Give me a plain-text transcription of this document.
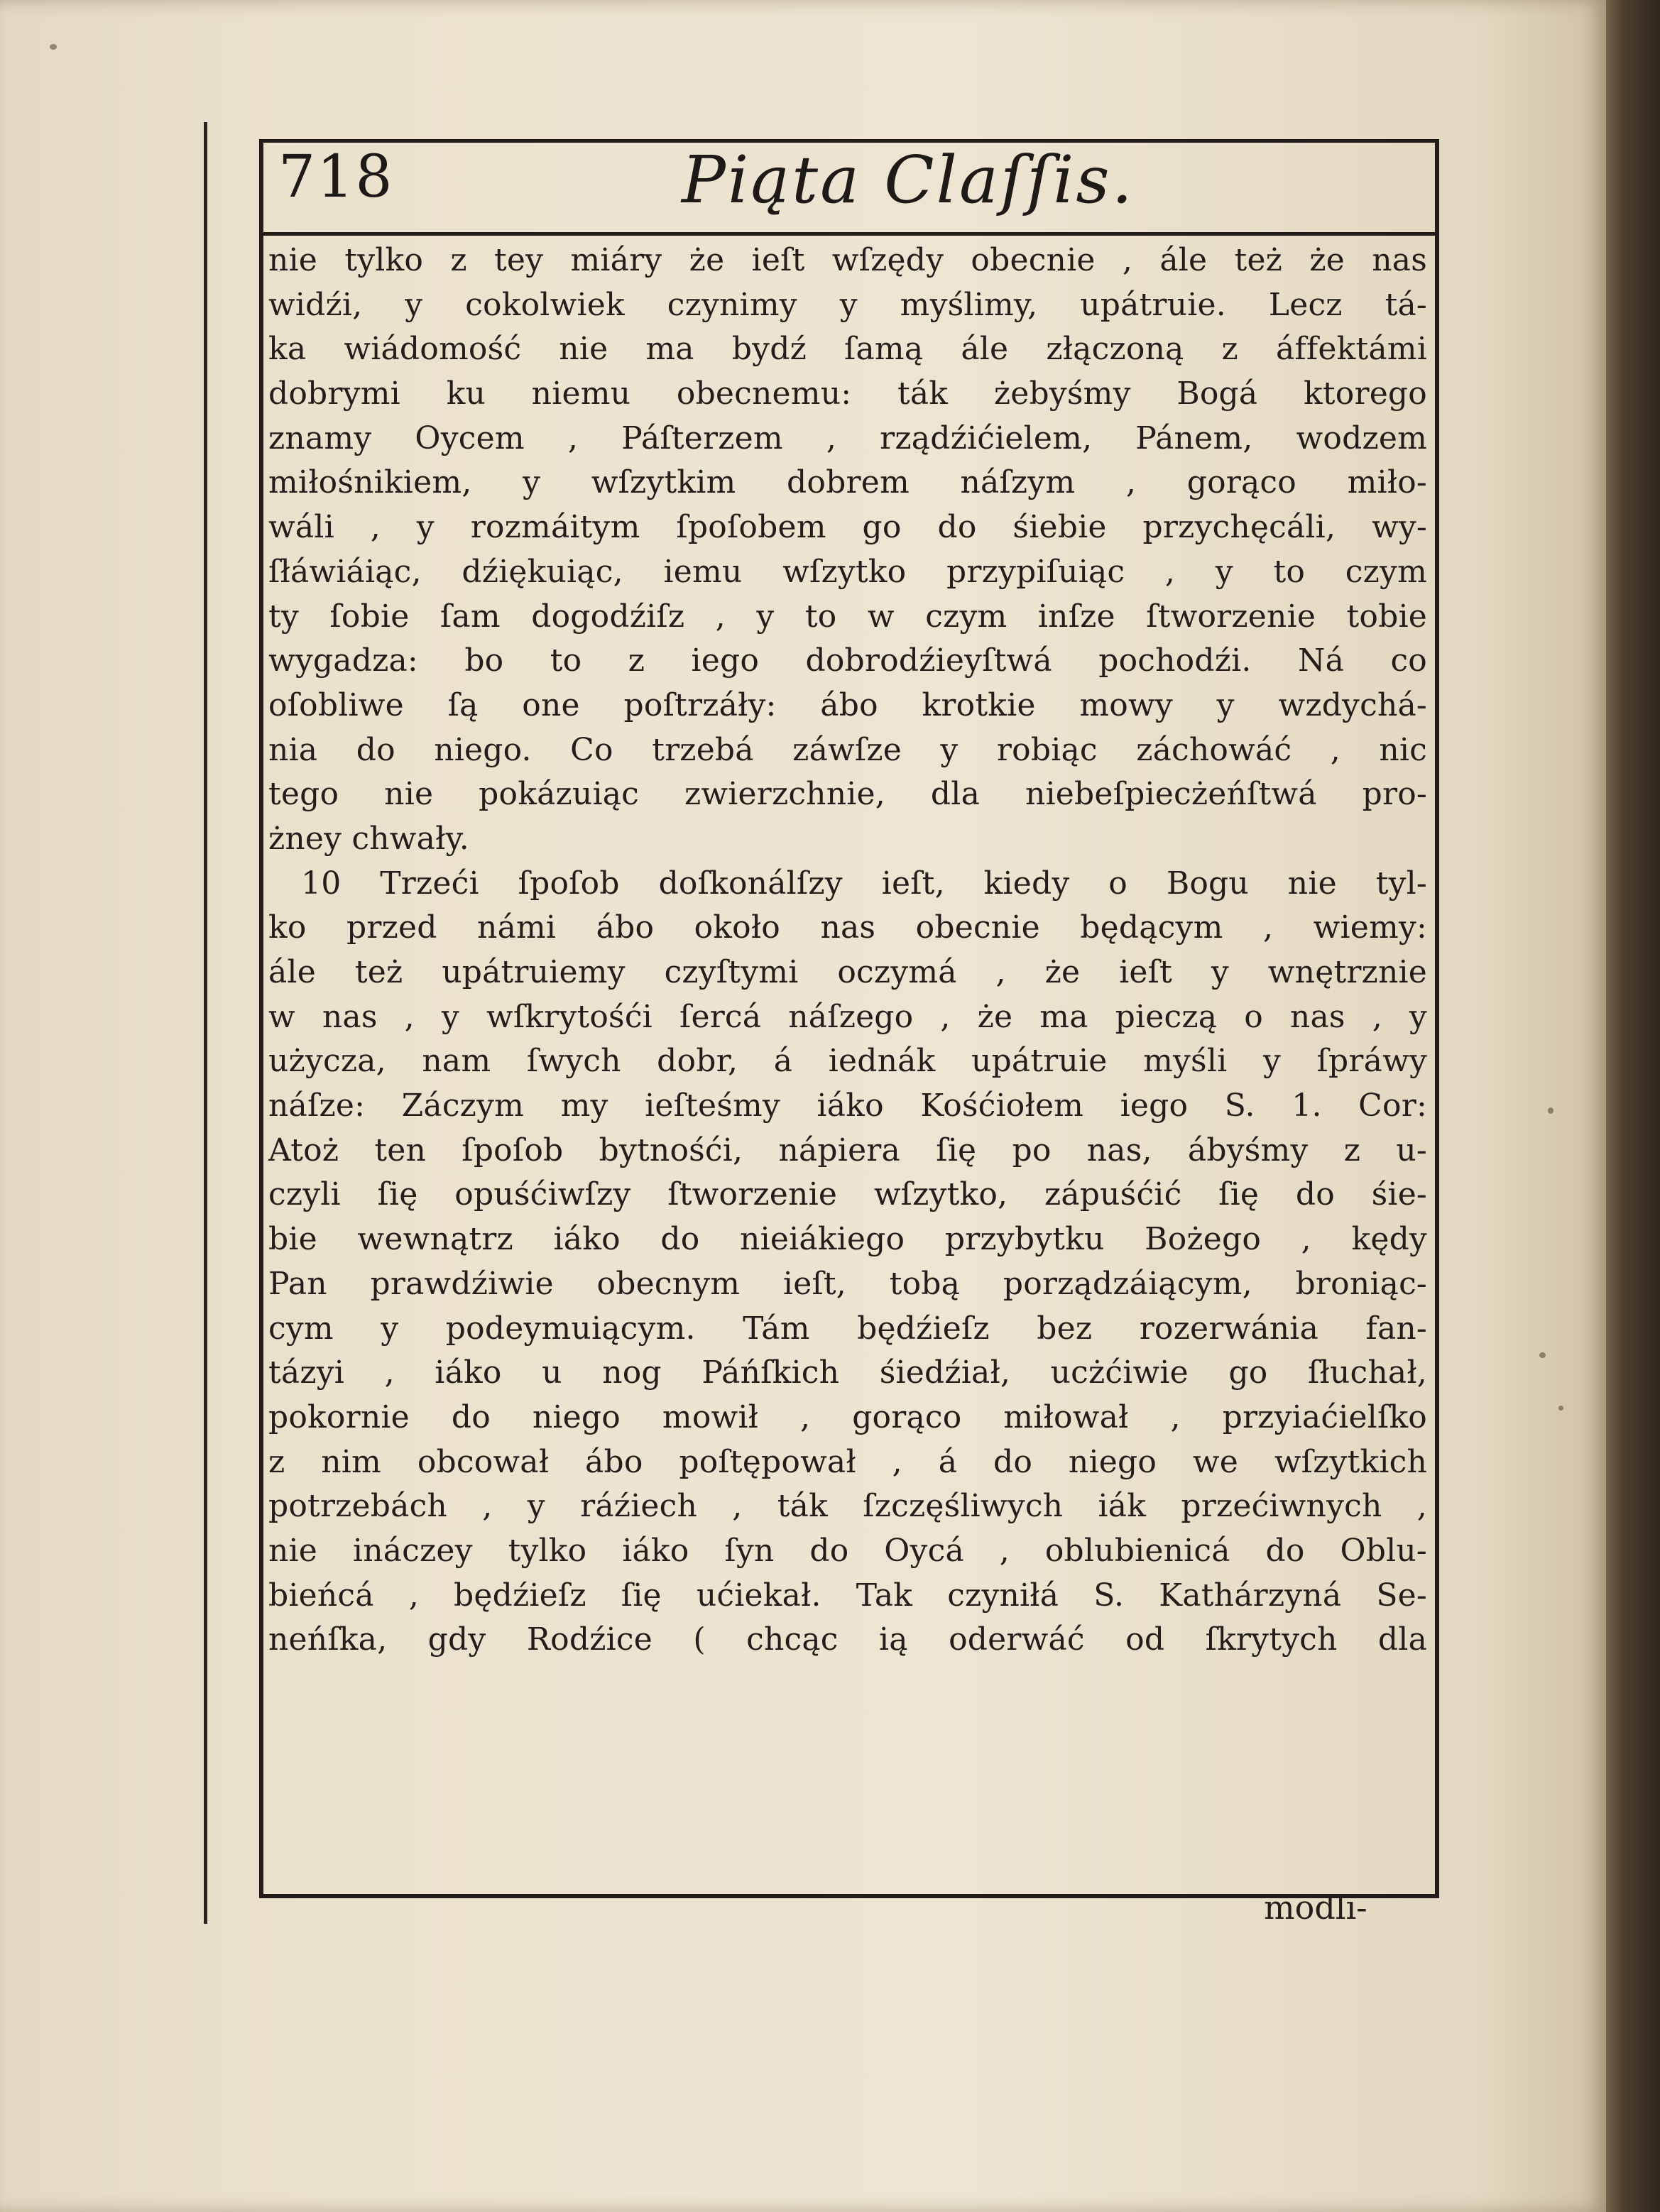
718	Piąta Claſſis.
nie tylko z tey miáry że ieſt wſzędy obecnie , ále też że nas
widźi, y cokolwiek czynimy y myślimy, upátruie. Lecz tá-
ka wiádomość nie ma bydź ſamą ále złączoną z áffektámi
dobrymi ku niemu obecnemu: ták żebyśmy Bogá ktorego
znamy Oycem , Páſterzem , rządźićielem, Pánem, wodzem
miłośnikiem, y wſzytkim dobrem náſzym , gorąco miło-
wáli , y rozmáitym ſpoſobem go do śiebie przychęcáli, wy-
ſłáwiáiąc, dźiękuiąc, iemu wſzytko przypiſuiąc , y to czym
ty ſobie ſam dogodźiſz , y to w czym inſze ſtworzenie tobie
wygadza: bo to z iego dobrodźieyſtwá pochodźi. Ná co
oſobliwe ſą one poſtrzáły: ábo krotkie mowy y wzdychá-
nia do niego. Co trzebá záwſze y robiąc záchowáć , nic
tego nie pokázuiąc zwierzchnie, dla niebeſpiecżeńſtwá pro-
żney chwały.
10 Trzeći ſpoſob doſkonálſzy ieſt, kiedy o Bogu nie tyl-
ko przed námi ábo około nas obecnie będącym , wiemy:
ále też upátruiemy czyſtymi oczymá , że ieſt y wnętrznie
w nas , y wſkrytośći ſercá náſzego , że ma pieczą o nas , y
użycza, nam ſwych dobr, á iednák upátruie myśli y ſpráwy
náſze: Záczym my ieſteśmy iáko Kośćiołem iego S. 1. Cor:
Atoż ten ſpoſob bytnośći, nápiera ſię po nas, ábyśmy z u-
czyli ſię opuśćiwſzy ſtworzenie wſzytko, zápuśćić ſię do śie-
bie wewnątrz iáko do nieiákiego przybytku Bożego , kędy
Pan prawdźiwie obecnym ieſt, tobą porządzáiącym, broniąc-
cym y podeymuiącym. Tám będźieſz bez rozerwánia fan-
tázyi , iáko u nog Páńſkich śiedźiał, ucżćiwie go ſłuchał,
pokornie do niego mowił , gorąco miłował , przyiaćielſko
z nim obcował ábo poſtępował , á do niego we wſzytkich
potrzebách , y ráźiech , ták ſzczęśliwych iák przećiwnych ,
nie ináczey tylko iáko ſyn do Oycá , oblubienicá do Oblu-
bieńcá , będźieſz ſię ućiekał. Tak czyniłá S. Kathárzyná Se-
neńſka, gdy Rodźice ( chcąc ią oderwáć od ſkrytych dla
modli-
